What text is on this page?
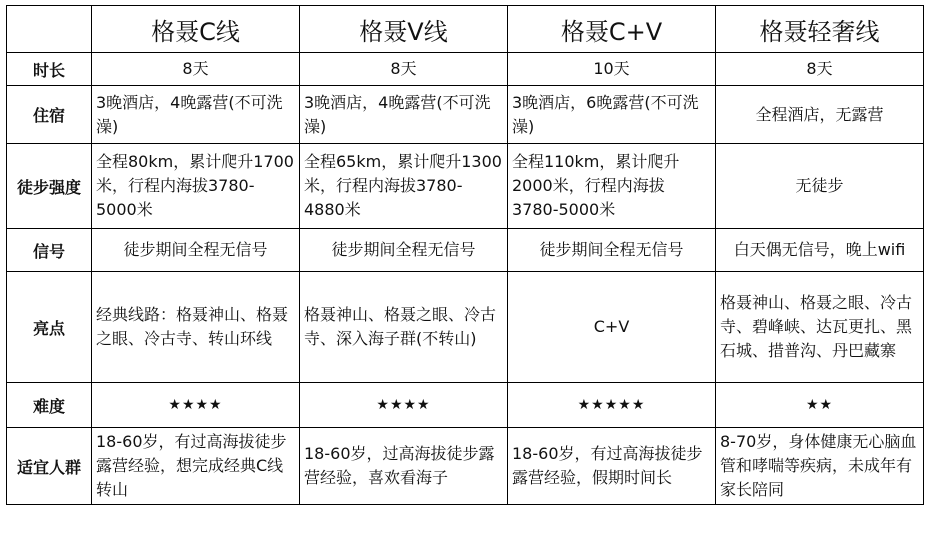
	格聂C线	格聂V线	格聂C+V	格聂轻奢线
时长	8天	8天	10天	8天
住宿	3晚酒店，4晚露营(不可洗澡)	3晚酒店，4晚露营(不可洗澡)	3晚酒店，6晚露营(不可洗澡)	全程酒店，无露营
徒步强度	全程80km，累计爬升1700米，行程内海拔3780-5000米	全程65km，累计爬升1300米，行程内海拔3780-4880米	全程110km，累计爬升2000米，行程内海拔3780-5000米	无徒步
信号	徒步期间全程无信号	徒步期间全程无信号	徒步期间全程无信号	白天偶无信号，晚上wifi
亮点	经典线路：格聂神山、格聂之眼、冷古寺、转山环线	格聂神山、格聂之眼、冷古寺、深入海子群(不转山)	C+V	格聂神山、格聂之眼、冷古寺、碧峰峡、达瓦更扎、黑石城、措普沟、丹巴藏寨
难度	★★★★	★★★★	★★★★★	★★
适宜人群	18-60岁，有过高海拔徒步露营经验，想完成经典C线转山	18-60岁，过高海拔徒步露营经验，喜欢看海子	18-60岁，有过高海拔徒步露营经验，假期时间长	8-70岁，身体健康无心脑血管和哮喘等疾病，未成年有家长陪同
